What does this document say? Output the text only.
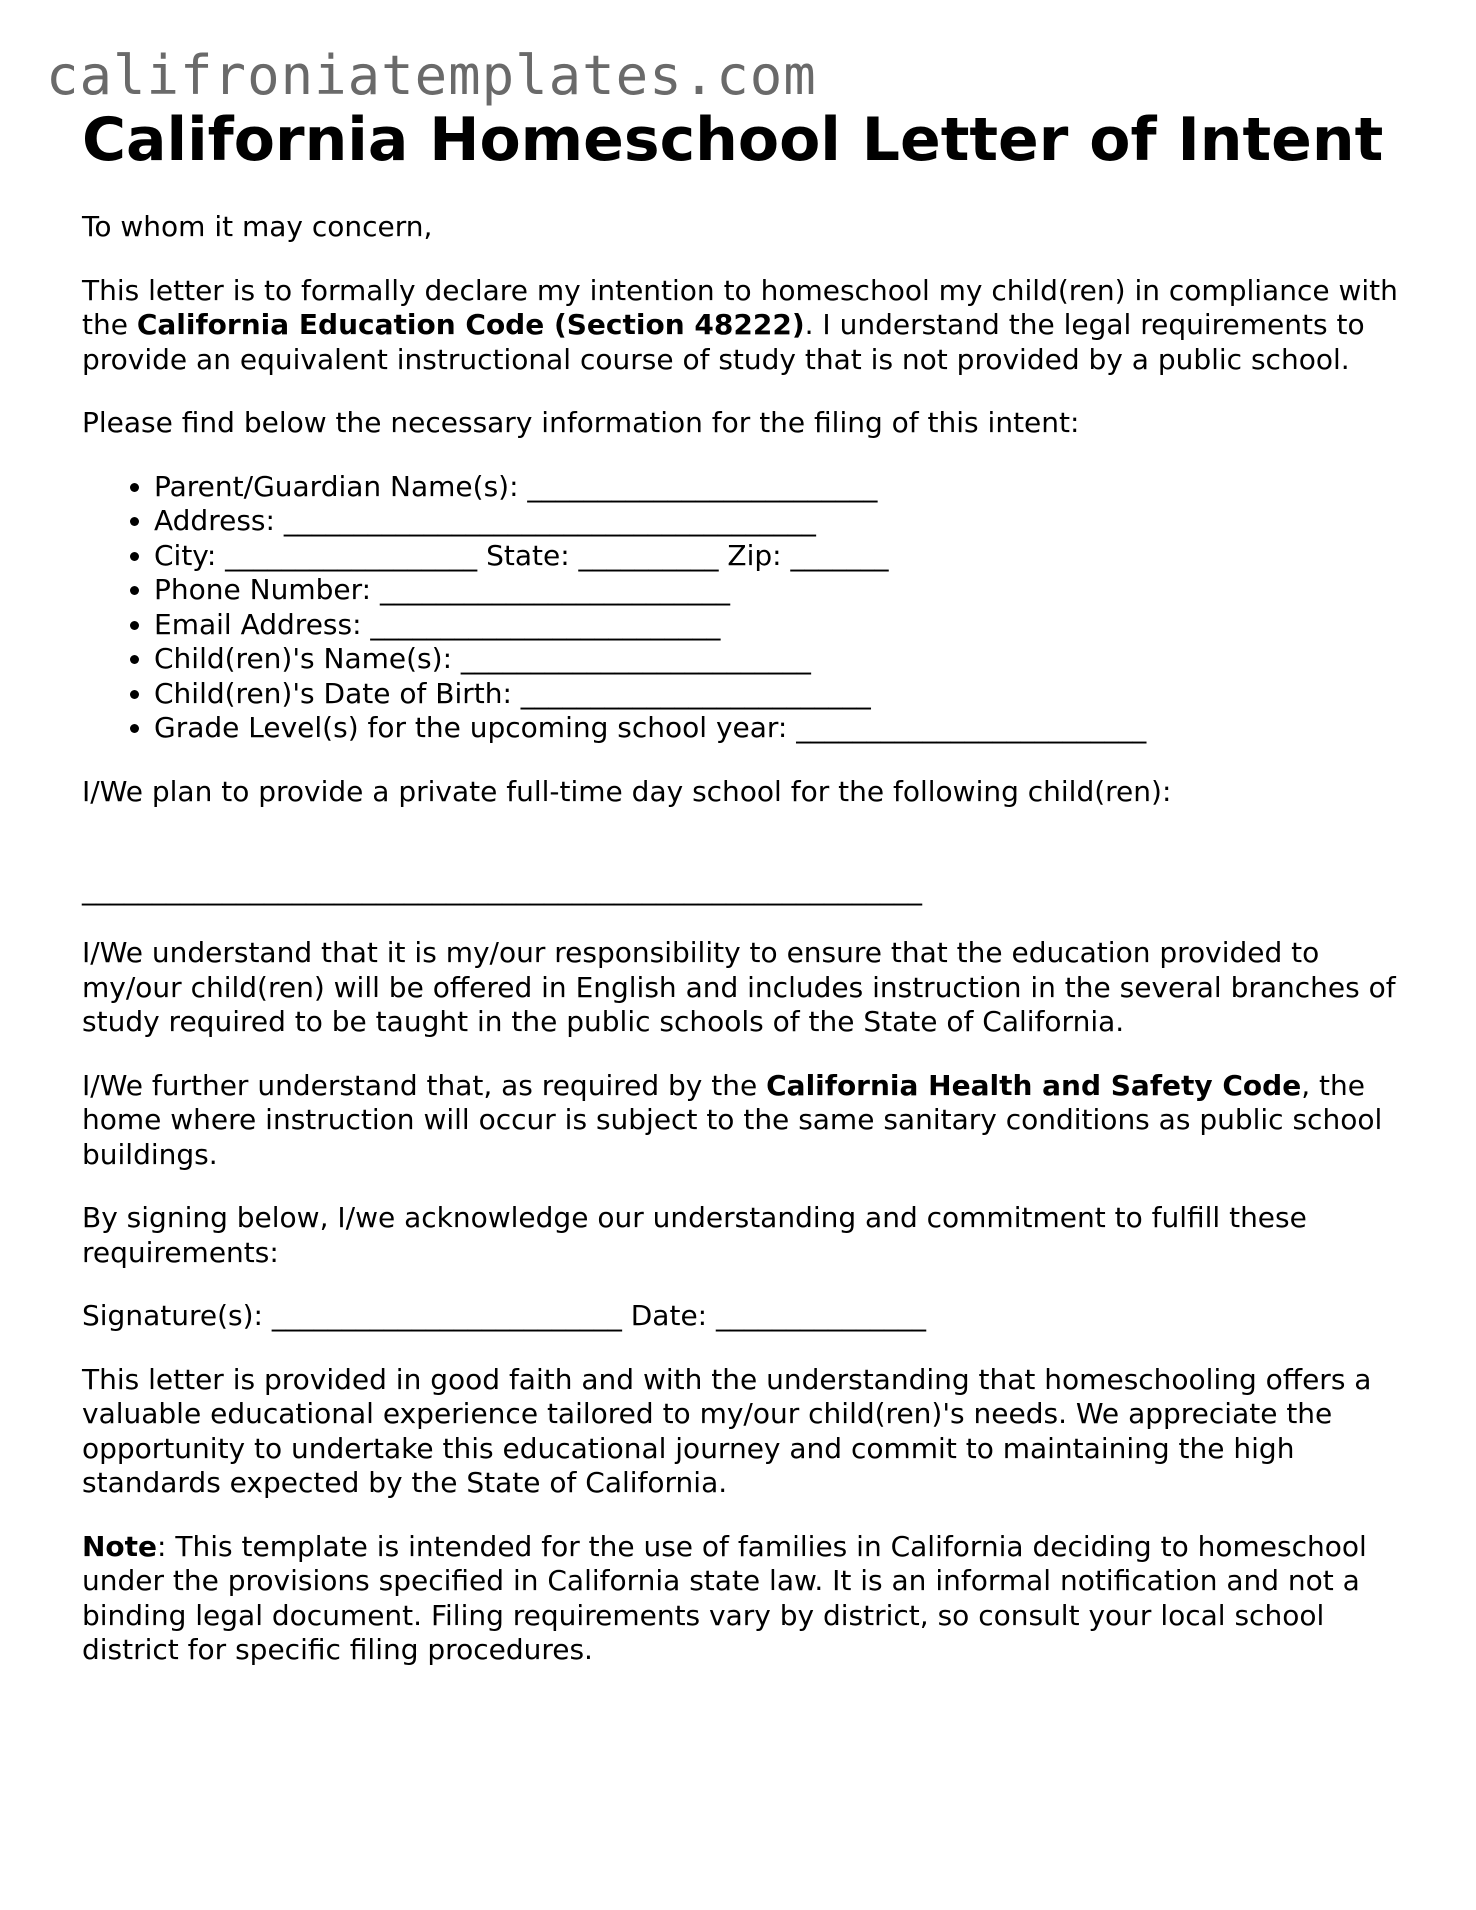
califroniatemplates.com
California Homeschool Letter of Intent

To whom it may concern,

This letter is to formally declare my intention to homeschool my child(ren) in compliance with the California Education Code (Section 48222). I understand the legal requirements to provide an equivalent instructional course of study that is not provided by a public school.

Please find below the necessary information for the filing of this intent:

• Parent/Guardian Name(s): _________________________
• Address: ______________________________________
• City: __________________ State: __________ Zip: _______
• Phone Number: _________________________
• Email Address: _________________________
• Child(ren)'s Name(s): _________________________
• Child(ren)'s Date of Birth: _________________________
• Grade Level(s) for the upcoming school year: _________________________

I/We plan to provide a private full-time day school for the following child(ren):

____________________________________________________________

I/We understand that it is my/our responsibility to ensure that the education provided to my/our child(ren) will be offered in English and includes instruction in the several branches of study required to be taught in the public schools of the State of California.

I/We further understand that, as required by the California Health and Safety Code, the home where instruction will occur is subject to the same sanitary conditions as public school buildings.

By signing below, I/we acknowledge our understanding and commitment to fulfill these requirements:

Signature(s): _________________________ Date: _______________

This letter is provided in good faith and with the understanding that homeschooling offers a valuable educational experience tailored to my/our child(ren)'s needs. We appreciate the opportunity to undertake this educational journey and commit to maintaining the high standards expected by the State of California.

Note: This template is intended for the use of families in California deciding to homeschool under the provisions specified in California state law. It is an informal notification and not a binding legal document. Filing requirements vary by district, so consult your local school district for specific filing procedures.
